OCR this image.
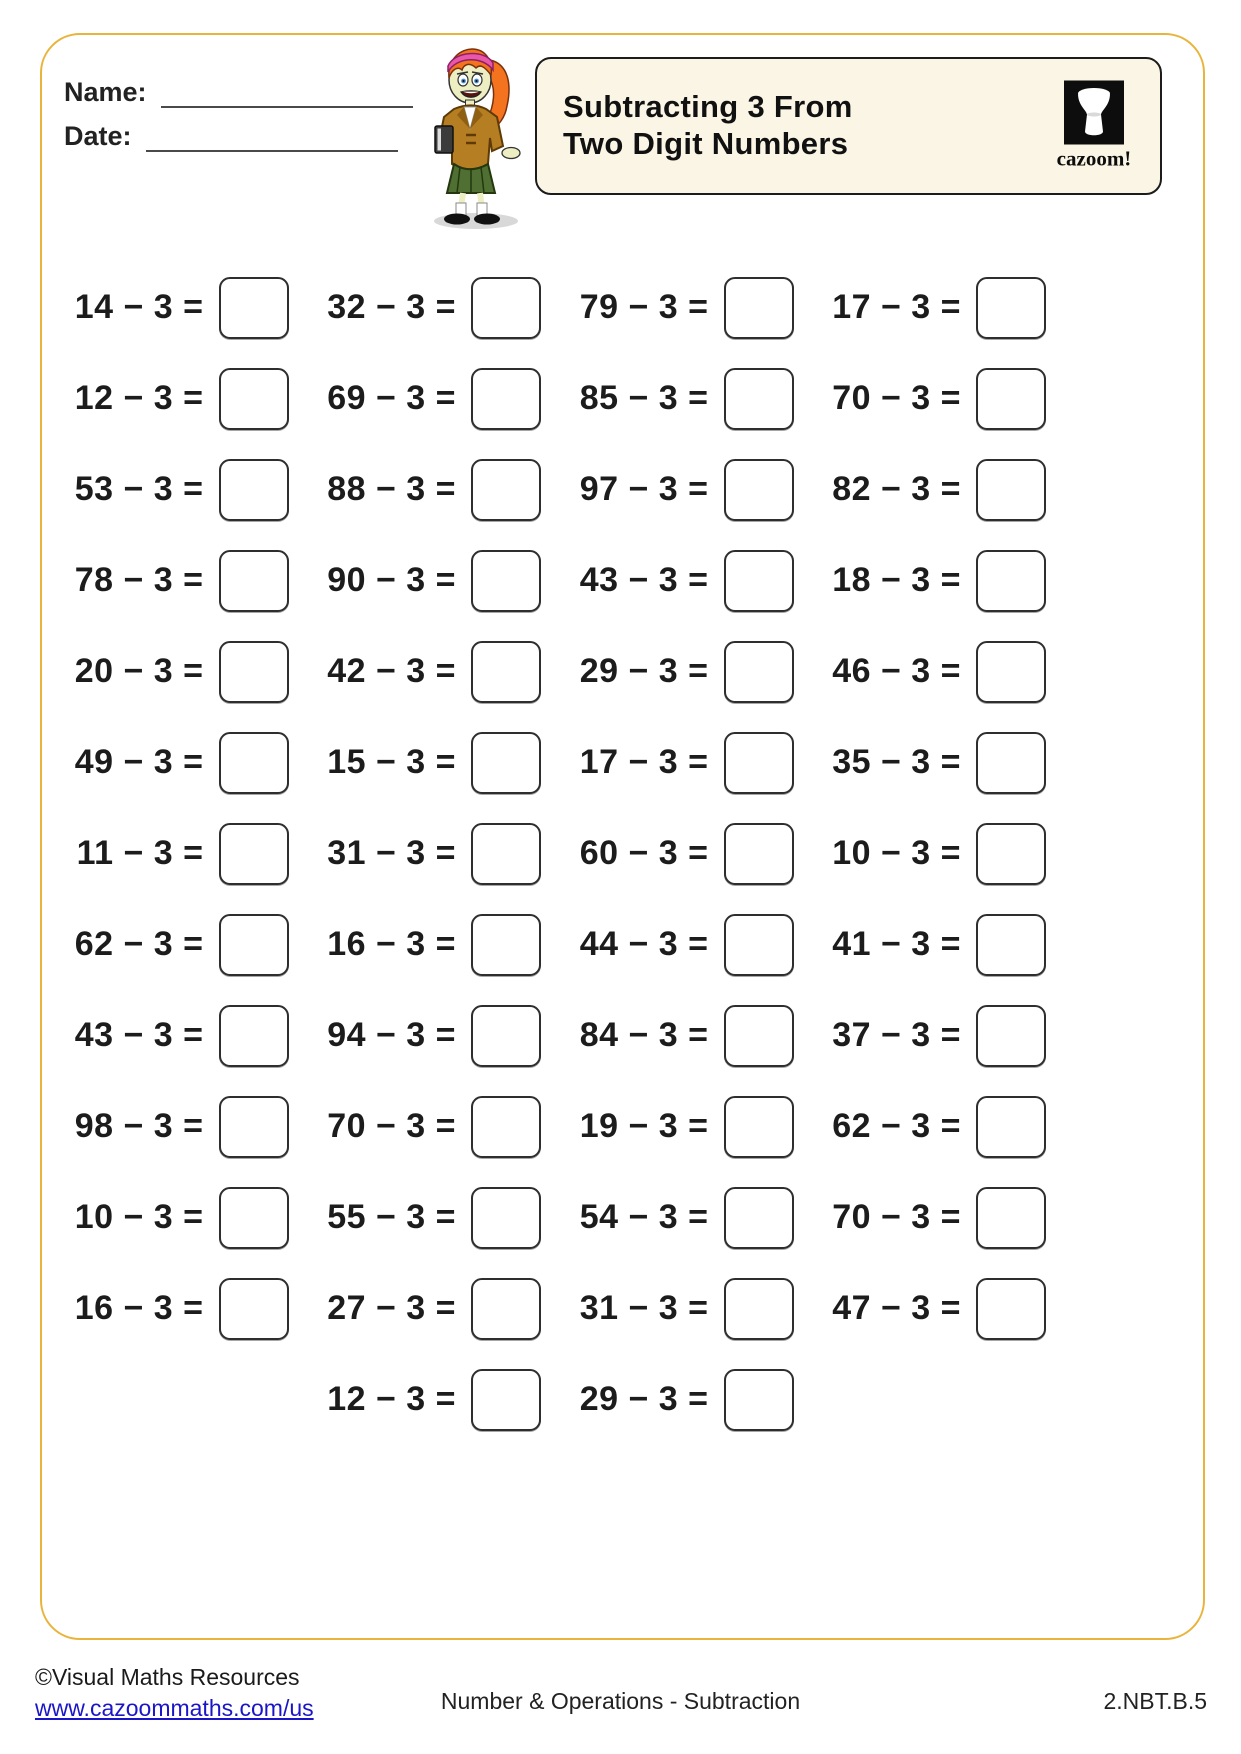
Name:
Date:
Subtracting 3 From
Two Digit Numbers	cazoom!
14 − 3 =	32 − 3 =	79 − 3 =	17 − 3 =
12 − 3 =	69 − 3 =	85 − 3 =	70 − 3 =
53 − 3 =	88 − 3 =	97 − 3 =	82 − 3 =
78 − 3 =	90 − 3 =	43 − 3 =	18 − 3 =
20 − 3 =	42 − 3 =	29 − 3 =	46 − 3 =
49 − 3 =	15 − 3 =	17 − 3 =	35 − 3 =
11 − 3 =	31 − 3 =	60 − 3 =	10 − 3 =
62 − 3 =	16 − 3 =	44 − 3 =	41 − 3 =
43 − 3 =	94 − 3 =	84 − 3 =	37 − 3 =
98 − 3 =	70 − 3 =	19 − 3 =	62 − 3 =
10 − 3 =	55 − 3 =	54 − 3 =	70 − 3 =
16 − 3 =	27 − 3 =	31 − 3 =	47 − 3 =
12 − 3 =	29 − 3 =
©Visual Maths Resources
www.cazoommaths.com/us	Number & Operations - Subtraction	2.NBT.B.5
